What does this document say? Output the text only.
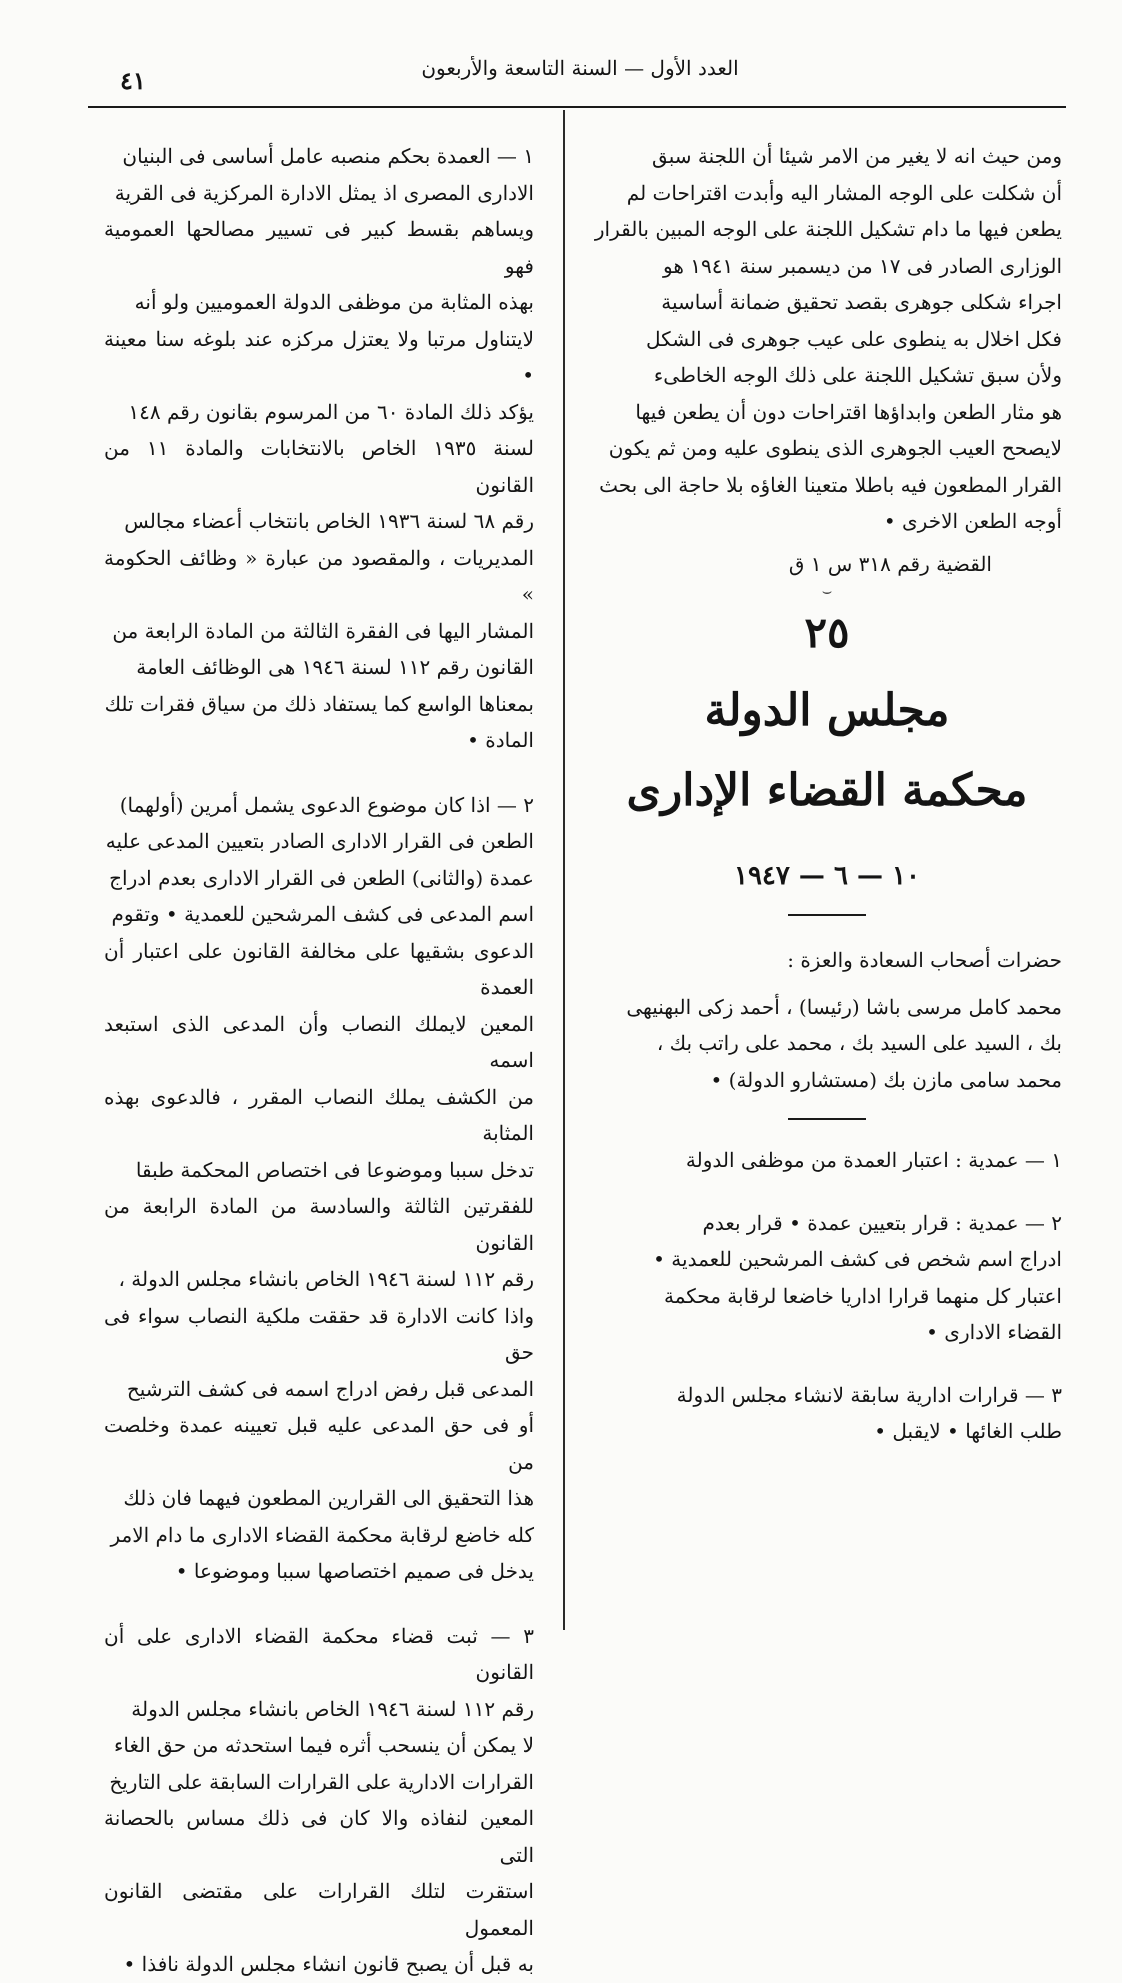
٤١	العدد الأول — السنة التاسعة والأربعون

ومن حيث انه لا يغير من الامر شيئا أن اللجنة سبق
أن شكلت على الوجه المشار اليه وأبدت اقتراحات لم
يطعن فيها ما دام تشكيل اللجنة على الوجه المبين بالقرار
الوزارى الصادر فى ١٧ من ديسمبر سنة ١٩٤١ هو
اجراء شكلى جوهرى بقصد تحقيق ضمانة أساسية
فكل اخلال به ينطوى على عيب جوهرى فى الشكل
ولأن سبق تشكيل اللجنة على ذلك الوجه الخاطىء
هو مثار الطعن وابداؤها اقتراحات دون أن يطعن فيها
لايصحح العيب الجوهرى الذى ينطوى عليه ومن ثم يكون
القرار المطعون فيه باطلا متعينا الغاؤه بلا حاجة الى بحث
أوجه الطعن الاخرى •

القضية رقم ٣١٨ س ١ ق

⌣

٢٥

مجلس الدولة

محكمة القضاء الإدارى

١٠ — ٦ — ١٩٤٧

حضرات أصحاب السعادة والعزة :

محمد كامل مرسى باشا (رئيسا) ، أحمد زكى البهنيهى
بك ، السيد على السيد بك ، محمد على راتب بك ،
محمد سامى مازن بك (مستشارو الدولة) •

١ — عمدية : اعتبار العمدة من موظفى الدولة

٢ — عمدية : قرار بتعيين عمدة • قرار بعدم
ادراج اسم شخص فى كشف المرشحين للعمدية •
اعتبار كل منهما قرارا اداريا خاضعا لرقابة محكمة
القضاء الادارى •

٣ — قرارات ادارية سابقة لانشاء مجلس الدولة
طلب الغائها • لايقبل •

١ — العمدة بحكم منصبه عامل أساسى فى البنيان
الادارى المصرى اذ يمثل الادارة المركزية فى القرية
ويساهم بقسط كبير فى تسيير مصالحها العمومية فهو
بهذه المثابة من موظفى الدولة العموميين ولو أنه
لايتناول مرتبا ولا يعتزل مركزه عند بلوغه سنا معينة •
يؤكد ذلك المادة ٦٠ من المرسوم بقانون رقم ١٤٨
لسنة ١٩٣٥ الخاص بالانتخابات والمادة ١١ من القانون
رقم ٦٨ لسنة ١٩٣٦ الخاص بانتخاب أعضاء مجالس
المديريات ، والمقصود من عبارة « وظائف الحكومة »
المشار اليها فى الفقرة الثالثة من المادة الرابعة من
القانون رقم ١١٢ لسنة ١٩٤٦ هى الوظائف العامة
بمعناها الواسع كما يستفاد ذلك من سياق فقرات تلك
المادة •

٢ — اذا كان موضوع الدعوى يشمل أمرين (أولهما)
الطعن فى القرار الادارى الصادر بتعيين المدعى عليه
عمدة (والثانى) الطعن فى القرار الادارى بعدم ادراج
اسم المدعى فى كشف المرشحين للعمدية • وتقوم
الدعوى بشقيها على مخالفة القانون على اعتبار أن العمدة
المعين لايملك النصاب وأن المدعى الذى استبعد اسمه
من الكشف يملك النصاب المقرر ، فالدعوى بهذه المثابة
تدخل سببا وموضوعا فى اختصاص المحكمة طبقا
للفقرتين الثالثة والسادسة من المادة الرابعة من القانون
رقم ١١٢ لسنة ١٩٤٦ الخاص بانشاء مجلس الدولة ،
واذا كانت الادارة قد حققت ملكية النصاب سواء فى حق
المدعى قبل رفض ادراج اسمه فى كشف الترشيح
أو فى حق المدعى عليه قبل تعيينه عمدة وخلصت من
هذا التحقيق الى القرارين المطعون فيهما فان ذلك
كله خاضع لرقابة محكمة القضاء الادارى ما دام الامر
يدخل فى صميم اختصاصها سببا وموضوعا •

٣ — ثبت قضاء محكمة القضاء الادارى على أن القانون
رقم ١١٢ لسنة ١٩٤٦ الخاص بانشاء مجلس الدولة
لا يمكن أن ينسحب أثره فيما استحدثه من حق الغاء
القرارات الادارية على القرارات السابقة على التاريخ
المعين لنفاذه والا كان فى ذلك مساس بالحصانة التى
استقرت لتلك القرارات على مقتضى القانون المعمول
به قبل أن يصبح قانون انشاء مجلس الدولة نافذا •
